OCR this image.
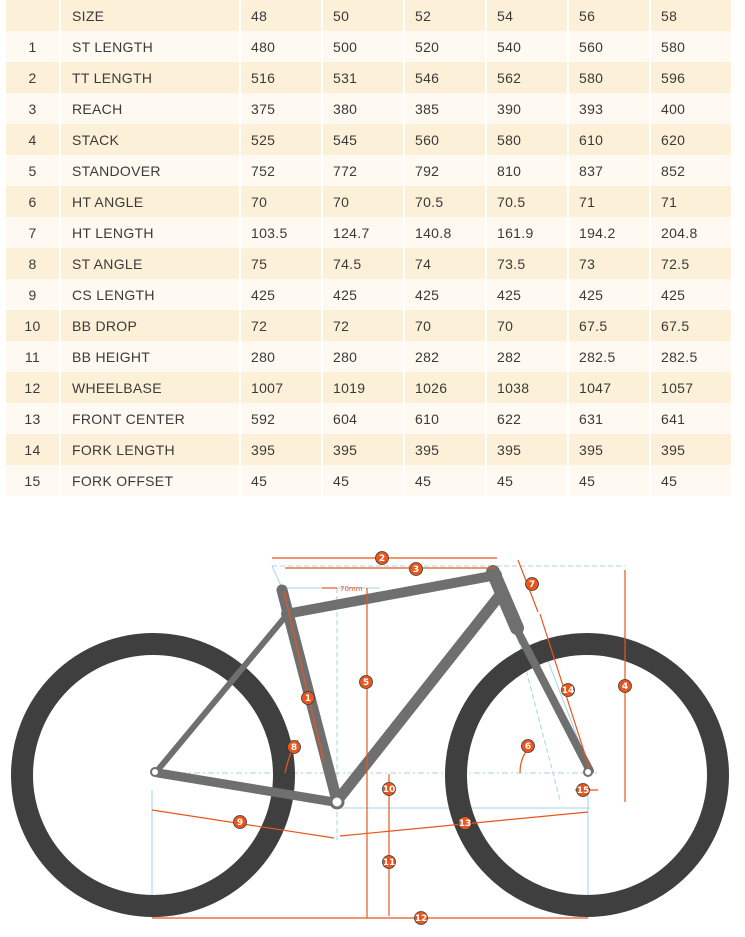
	SIZE	48	50	52	54	56	58
1	ST LENGTH	480	500	520	540	560	580
2	TT LENGTH	516	531	546	562	580	596
3	REACH	375	380	385	390	393	400
4	STACK	525	545	560	580	610	620
5	STANDOVER	752	772	792	810	837	852
6	HT ANGLE	70	70	70.5	70.5	71	71
7	HT LENGTH	103.5	124.7	140.8	161.9	194.2	204.8
8	ST ANGLE	75	74.5	74	73.5	73	72.5
9	CS LENGTH	425	425	425	425	425	425
10	BB DROP	72	72	70	70	67.5	67.5
11	BB HEIGHT	280	280	282	282	282.5	282.5
12	WHEELBASE	1007	1019	1026	1038	1047	1057
13	FRONT CENTER	592	604	610	622	631	641
14	FORK LENGTH	395	395	395	395	395	395
15	FORK OFFSET	45	45	45	45	45	45
70mm
1
2
3
4
5
6
7
8
9
10
11
12
13
14
15
